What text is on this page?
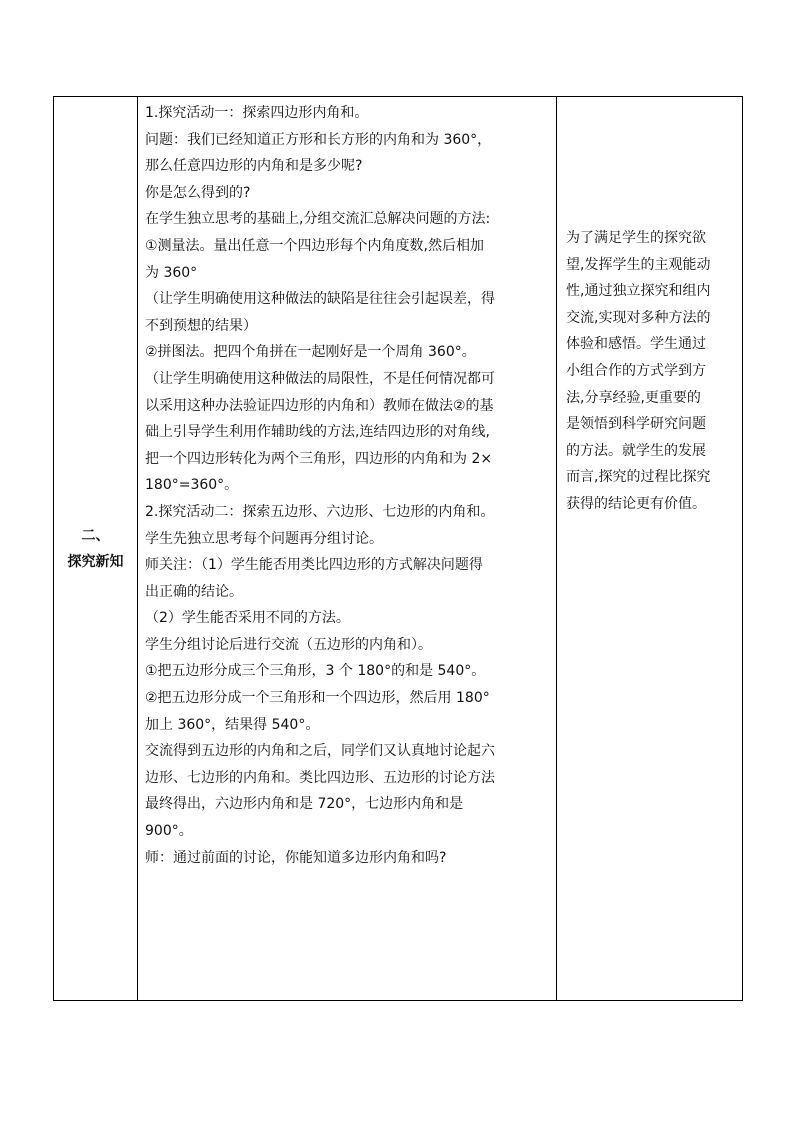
二、
探究新知

1.探究活动一：探索四边形内角和。
问题：我们已经知道正方形和长方形的内角和为 360°，
那么任意四边形的内角和是多少呢?
你是怎么得到的?
在学生独立思考的基础上,分组交流汇总解决问题的方法:
①测量法。量出任意一个四边形每个内角度数,然后相加
为 360°
（让学生明确使用这种做法的缺陷是往往会引起误差，得
不到预想的结果）
②拼图法。把四个角拼在一起刚好是一个周角 360°。
（让学生明确使用这种做法的局限性，不是任何情况都可
以采用这种办法验证四边形的内角和）教师在做法②的基
础上引导学生利用作辅助线的方法,连结四边形的对角线,
把一个四边形转化为两个三角形，四边形的内角和为 2×
180°=360°。
2.探究活动二：探索五边形、六边形、七边形的内角和。
学生先独立思考每个问题再分组讨论。
师关注：（1）学生能否用类比四边形的方式解决问题得
出正确的结论。
（2）学生能否采用不同的方法。
学生分组讨论后进行交流（五边形的内角和）。
①把五边形分成三个三角形，3 个 180°的和是 540°。
②把五边形分成一个三角形和一个四边形，然后用 180°
加上 360°，结果得 540°。
交流得到五边形的内角和之后，同学们又认真地讨论起六
边形、七边形的内角和。类比四边形、五边形的讨论方法
最终得出，六边形内角和是 720°，七边形内角和是
900°。
师：通过前面的讨论，你能知道多边形内角和吗?

为了满足学生的探究欲
望,发挥学生的主观能动
性,通过独立探究和组内
交流,实现对多种方法的
体验和感悟。学生通过
小组合作的方式学到方
法,分享经验,更重要的
是领悟到科学研究问题
的方法。就学生的发展
而言,探究的过程比探究
获得的结论更有价值。
